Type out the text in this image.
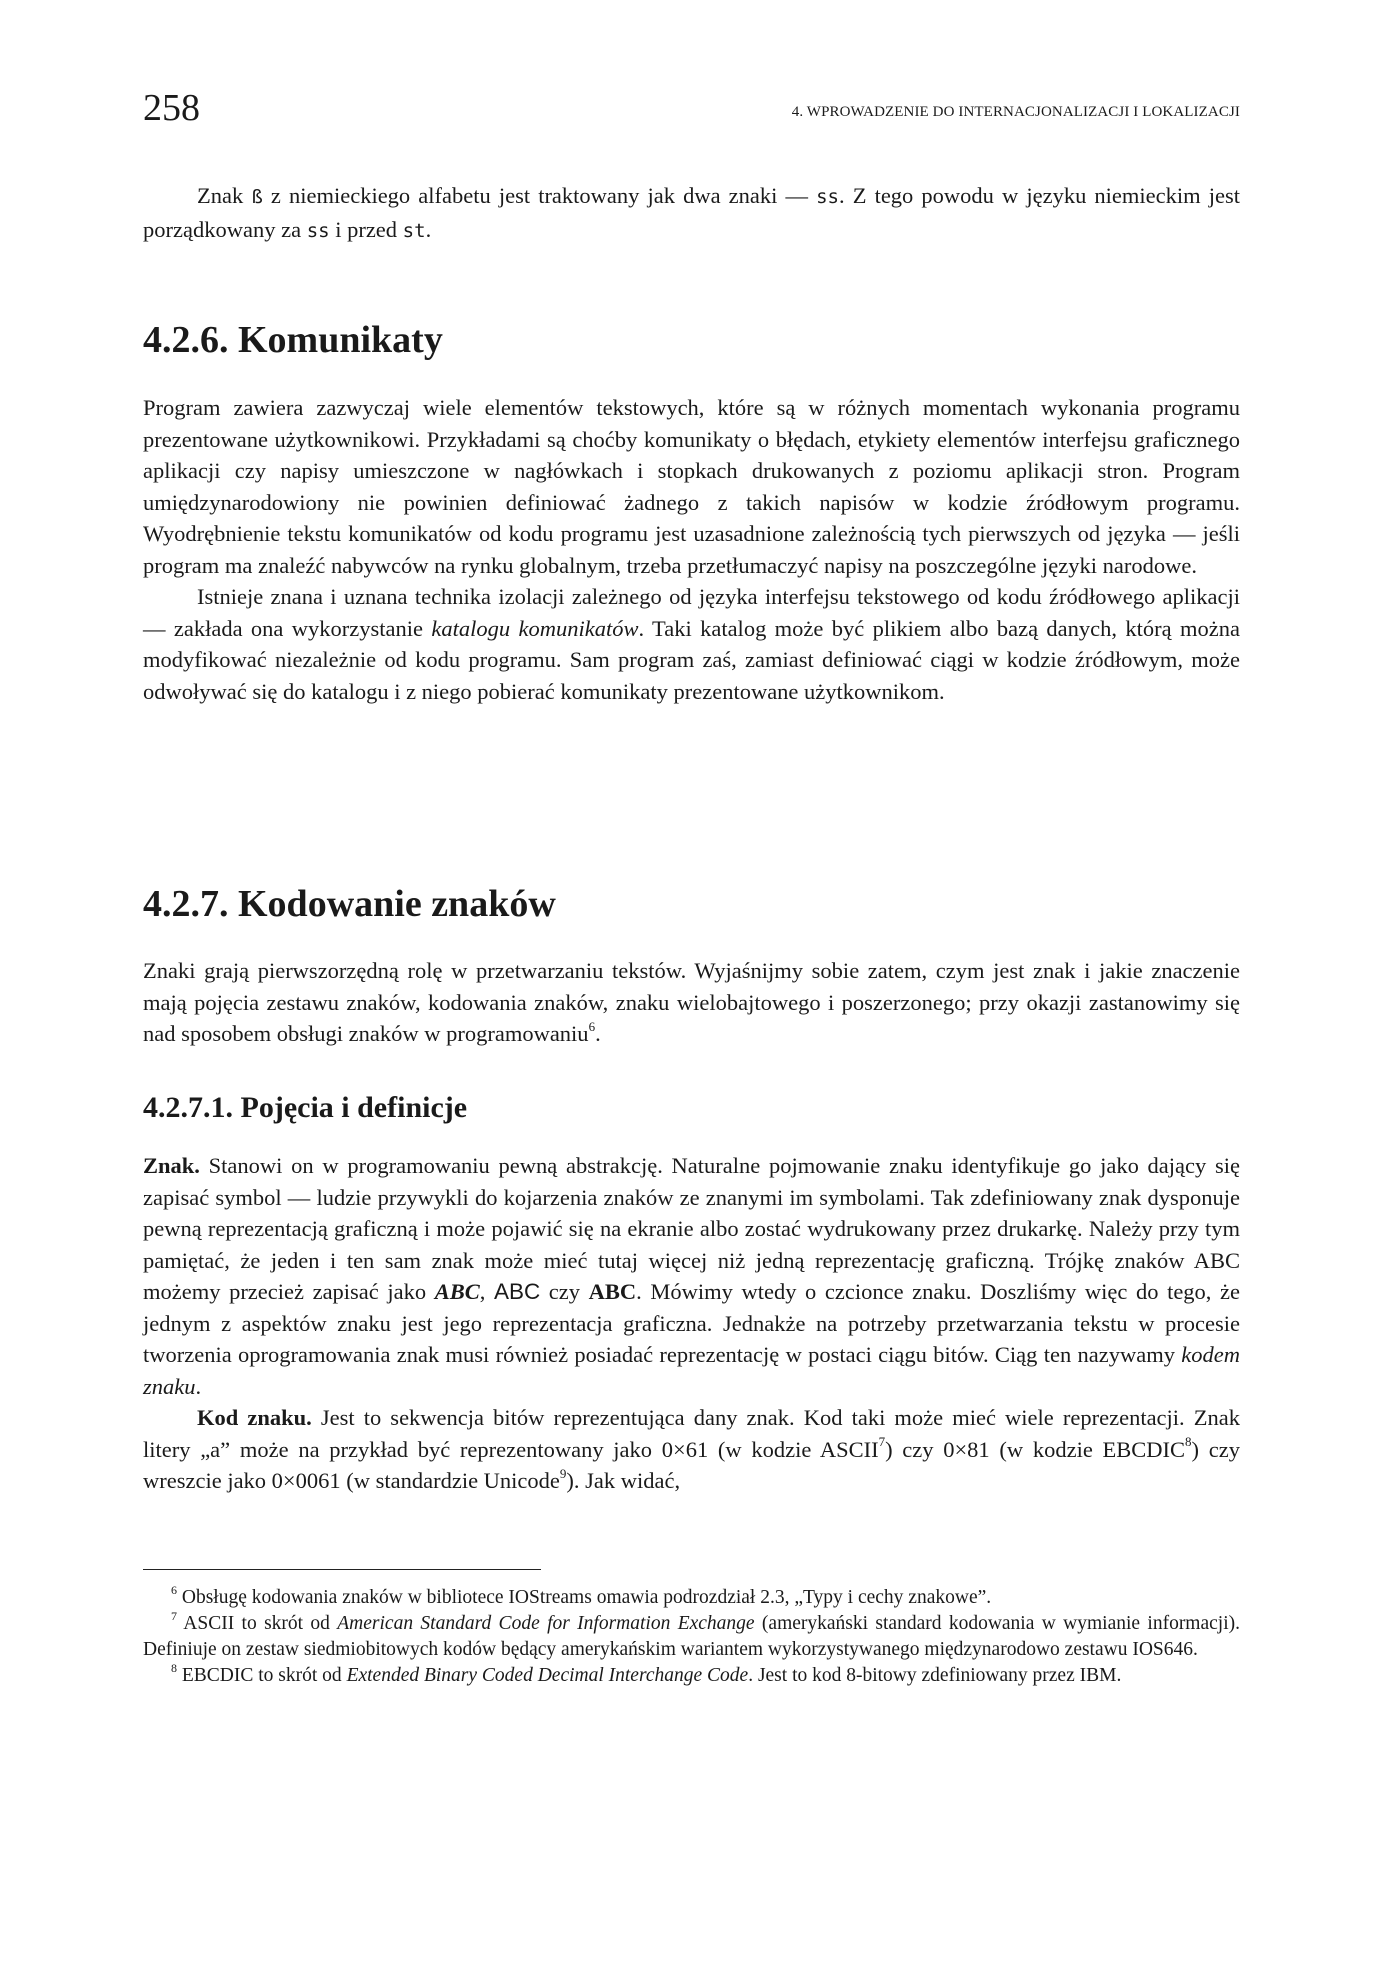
258	4. WPROWADZENIE DO INTERNACJONALIZACJI I LOKALIZACJI

Znak ß z niemieckiego alfabetu jest traktowany jak dwa znaki — ss. Z tego powodu w języku niemieckim jest porządkowany za ss i przed st.

4.2.6. Komunikaty

Program zawiera zazwyczaj wiele elementów tekstowych, które są w różnych momentach wykonania programu prezentowane użytkownikowi. Przykładami są choćby komunikaty o błędach, etykiety elementów interfejsu graficznego aplikacji czy napisy umieszczone w nagłówkach i stopkach drukowanych z poziomu aplikacji stron. Program umiędzynarodowiony nie powinien definiować żadnego z takich napisów w kodzie źródłowym programu. Wyodrębnienie tekstu komunikatów od kodu programu jest uzasadnione zależnością tych pierwszych od języka — jeśli program ma znaleźć nabywców na rynku globalnym, trzeba przetłumaczyć napisy na poszczególne języki narodowe.

Istnieje znana i uznana technika izolacji zależnego od języka interfejsu tekstowego od kodu źródłowego aplikacji — zakłada ona wykorzystanie katalogu komunikatów. Taki katalog może być plikiem albo bazą danych, którą można modyfikować niezależnie od kodu programu. Sam program zaś, zamiast definiować ciągi w kodzie źródłowym, może odwoływać się do katalogu i z niego pobierać komunikaty prezentowane użytkownikom.

4.2.7. Kodowanie znaków

Znaki grają pierwszorzędną rolę w przetwarzaniu tekstów. Wyjaśnijmy sobie zatem, czym jest znak i jakie znaczenie mają pojęcia zestawu znaków, kodowania znaków, znaku wielobajtowego i poszerzonego; przy okazji zastanowimy się nad sposobem obsługi znaków w programowaniu$^6$.

4.2.7.1. Pojęcia i definicje

Znak. Stanowi on w programowaniu pewną abstrakcję. Naturalne pojmowanie znaku identyfikuje go jako dający się zapisać symbol — ludzie przywykli do kojarzenia znaków ze znanymi im symbolami. Tak zdefiniowany znak dysponuje pewną reprezentacją graficzną i może pojawić się na ekranie albo zostać wydrukowany przez drukarkę. Należy przy tym pamiętać, że jeden i ten sam znak może mieć tutaj więcej niż jedną reprezentację graficzną. Trójkę znaków ABC możemy przecież zapisać jako ABC, ABC czy ABC. Mówimy wtedy o czcionce znaku. Doszliśmy więc do tego, że jednym z aspektów znaku jest jego reprezentacja graficzna. Jednakże na potrzeby przetwarzania tekstu w procesie tworzenia oprogramowania znak musi również posiadać reprezentację w postaci ciągu bitów. Ciąg ten nazywamy kodem znaku.

Kod znaku. Jest to sekwencja bitów reprezentująca dany znak. Kod taki może mieć wiele reprezentacji. Znak litery „a” może na przykład być reprezentowany jako 0×61 (w kodzie ASCII$^7$) czy 0×81 (w kodzie EBCDIC$^8$) czy wreszcie jako 0×0061 (w standardzie Unicode$^9$). Jak widać,

$^6$ Obsługę kodowania znaków w bibliotece IOStreams omawia podrozdział 2.3, „Typy i cechy znakowe”.

$^7$ ASCII to skrót od American Standard Code for Information Exchange (amerykański standard kodowania w wymianie informacji). Definiuje on zestaw siedmiobitowych kodów będący amerykańskim wariantem wykorzystywanego międzynarodowo zestawu IOS646.

$^8$ EBCDIC to skrót od Extended Binary Coded Decimal Interchange Code. Jest to kod 8-bitowy zdefiniowany przez IBM.
